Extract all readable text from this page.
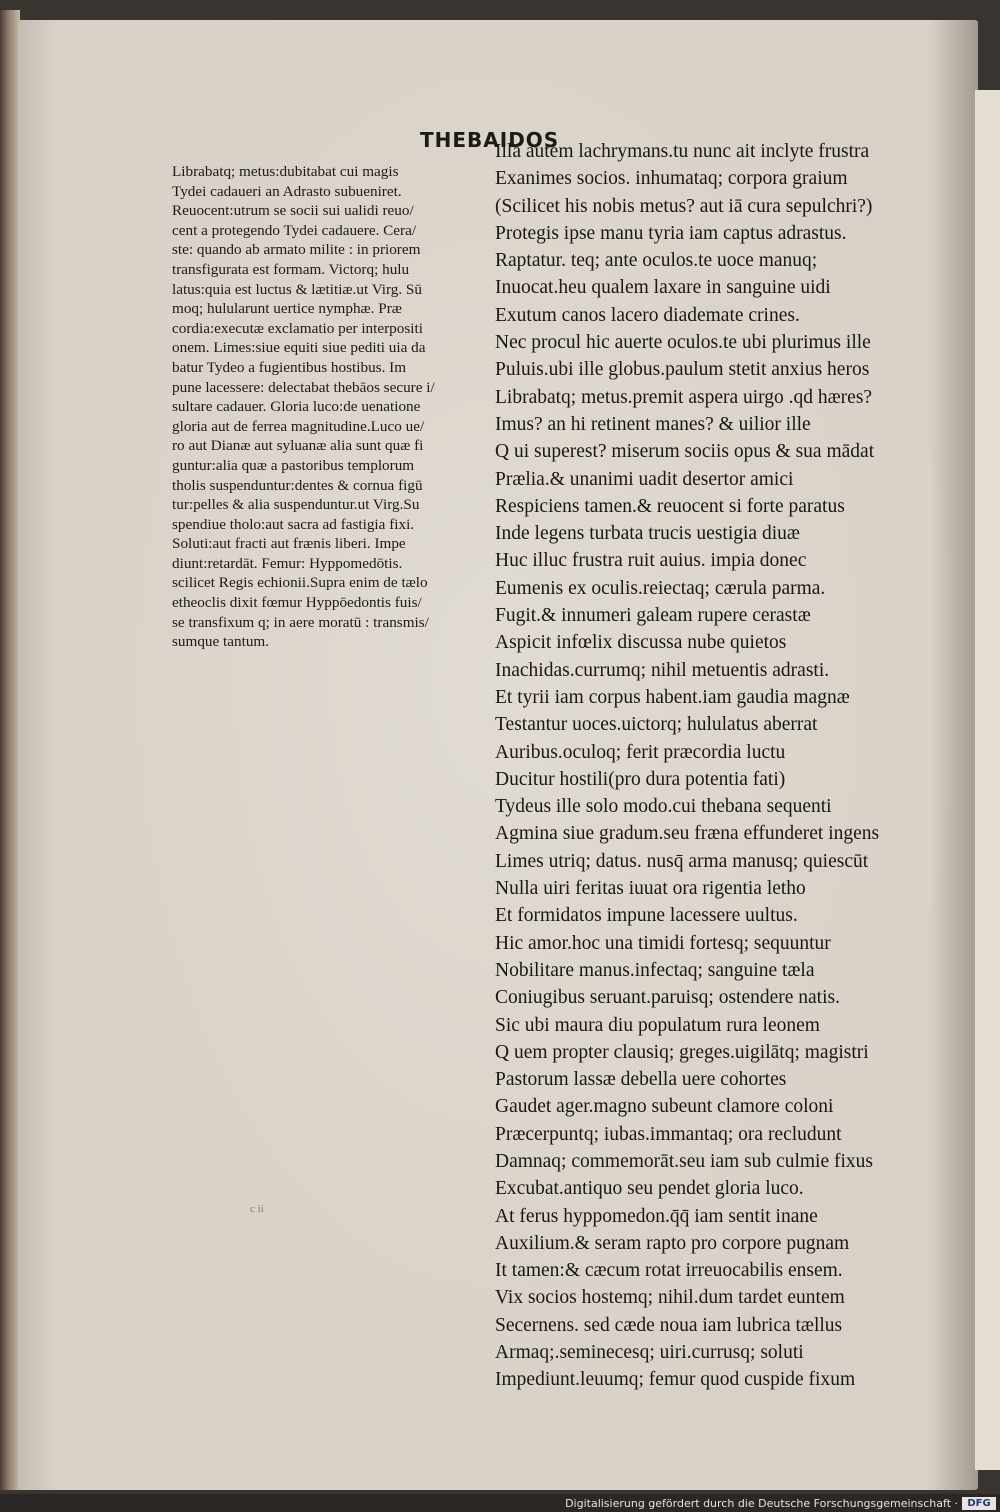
THEBAIDOS
Librabatq; metus:dubitabat cui magis
Tydei cadaueri an Adrasto subueniret.
Reuocent:utrum se socii sui ualidi reuo/
cent a protegendo Tydei cadauere. Cera/
ste: quando ab armato milite : in priorem
transfigurata est formam. Victorq; hulu
latus:quia est luctus & lætitiæ.ut Virg. Sū
moq; hulularunt uertice nymphæ. Præ
cordia:executæ exclamatio per interpositi
onem. Limes:siue equiti siue pediti uia da
batur Tydeo a fugientibus hostibus. Im
pune lacessere: delectabat thebāos secure i/
sultare cadauer. Gloria luco:de uenatione
gloria aut de ferrea magnitudine.Luco ue/
ro aut Dianæ aut syluanæ alia sunt quæ fi
guntur:alia quæ a pastoribus templorum
tholis suspenduntur:dentes & cornua figū
tur:pelles & alia suspenduntur.ut Virg.Su
spendiue tholo:aut sacra ad fastigia fixi.
Soluti:aut fracti aut frænis liberi. Impe
diunt:retardāt. Femur: Hyppomedōtis.
scilicet Regis echionii.Supra enim de tælo
etheoclis dixit fœmur Hyppōedontis fuis/
se transfixum q; in aere moratū : transmis/
sumque tantum.
Illa autem lachrymans.tu nunc ait inclyte frustra
Exanimes socios. inhumataq; corpora graium
(Scilicet his nobis metus? aut iā cura sepulchri?)
Protegis ipse manu tyria iam captus adrastus.
Raptatur. teq; ante oculos.te uoce manuq;
Inuocat.heu qualem laxare in sanguine uidi
Exutum canos lacero diademate crines.
Nec procul hic auerte oculos.te ubi plurimus ille
Puluis.ubi ille globus.paulum stetit anxius heros
Librabatq; metus.premit aspera uirgo .qd hæres?
Imus? an hi retinent manes? & uilior ille
Q ui superest? miserum sociis opus & sua mādat
Prælia.& unanimi uadit desertor amici
Respiciens tamen.& reuocent si forte paratus
Inde legens turbata trucis uestigia diuæ
Huc illuc frustra ruit auius. impia donec
Eumenis ex oculis.reiectaq; cærula parma.
Fugit.& innumeri galeam rupere cerastæ
Aspicit infœlix discussa nube quietos
Inachidas.currumq; nihil metuentis adrasti.
Et tyrii iam corpus habent.iam gaudia magnæ
Testantur uoces.uictorq; hululatus aberrat
Auribus.oculoq; ferit præcordia luctu
Ducitur hostili(pro dura potentia fati)
Tydeus ille solo modo.cui thebana sequenti
Agmina siue gradum.seu fræna effunderet ingens
Limes utriq; datus. nusq̄ arma manusq; quiescūt
Nulla uiri feritas iuuat ora rigentia letho
Et formidatos impune lacessere uultus.
Hic amor.hoc una timidi fortesq; sequuntur
Nobilitare manus.infectaq; sanguine tæla
Coniugibus seruant.paruisq; ostendere natis.
Sic ubi maura diu populatum rura leonem
Q uem propter clausiq; greges.uigilātq; magistri
Pastorum lassæ debella uere cohortes
Gaudet ager.magno subeunt clamore coloni
Præcerpuntq; iubas.immantaq; ora recludunt
Damnaq; commemorāt.seu iam sub culmie fixus
Excubat.antiquo seu pendet gloria luco.
At ferus hyppomedon.q̄q̄ iam sentit inane
Auxilium.& seram rapto pro corpore pugnam
It tamen:& cæcum rotat irreuocabilis ensem.
Vix socios hostemq; nihil.dum tardet euntem
Secernens. sed cæde noua iam lubrica tællus
Armaq;.seminecesq; uiri.currusq; soluti
Impediunt.leuumq; femur quod cuspide fixum
c ii
Digitalisierung gefördert durch die Deutsche Forschungsgemeinschaft · DFG
